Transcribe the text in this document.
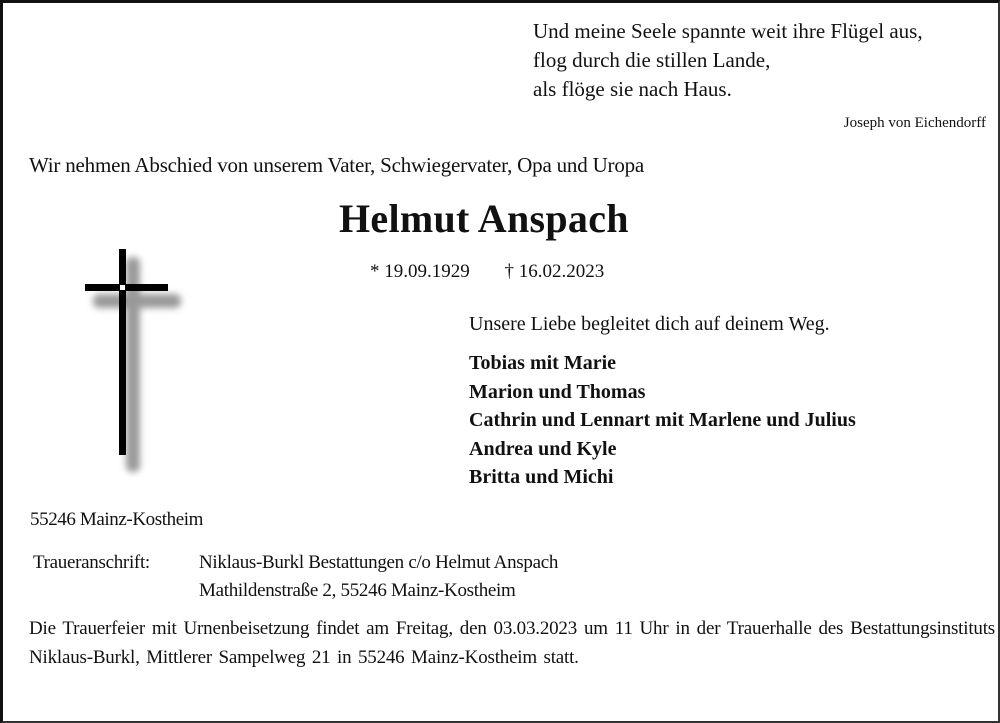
Und meine Seele spannte weit ihre Flügel aus,
flog durch die stillen Lande,
als flöge sie nach Haus.
Joseph von Eichendorff
Wir nehmen Abschied von unserem Vater, Schwiegervater, Opa und Uropa
Helmut Anspach
* 19.09.1929 † 16.02.2023
Unsere Liebe begleitet dich auf deinem Weg.
Tobias mit Marie
Marion und Thomas
Cathrin und Lennart mit Marlene und Julius
Andrea und Kyle
Britta und Michi
55246 Mainz-Kostheim
Traueranschrift:	Niklaus-Burkl Bestattungen c/o Helmut Anspach
Mathildenstraße 2, 55246 Mainz-Kostheim
Die Trauerfeier mit Urnenbeisetzung findet am Freitag, den 03.03.2023 um 11 Uhr in der Trauerhalle des Bestattungsinstituts Niklaus-Burkl, Mittlerer Sampelweg 21 in 55246 Mainz-Kostheim statt.
